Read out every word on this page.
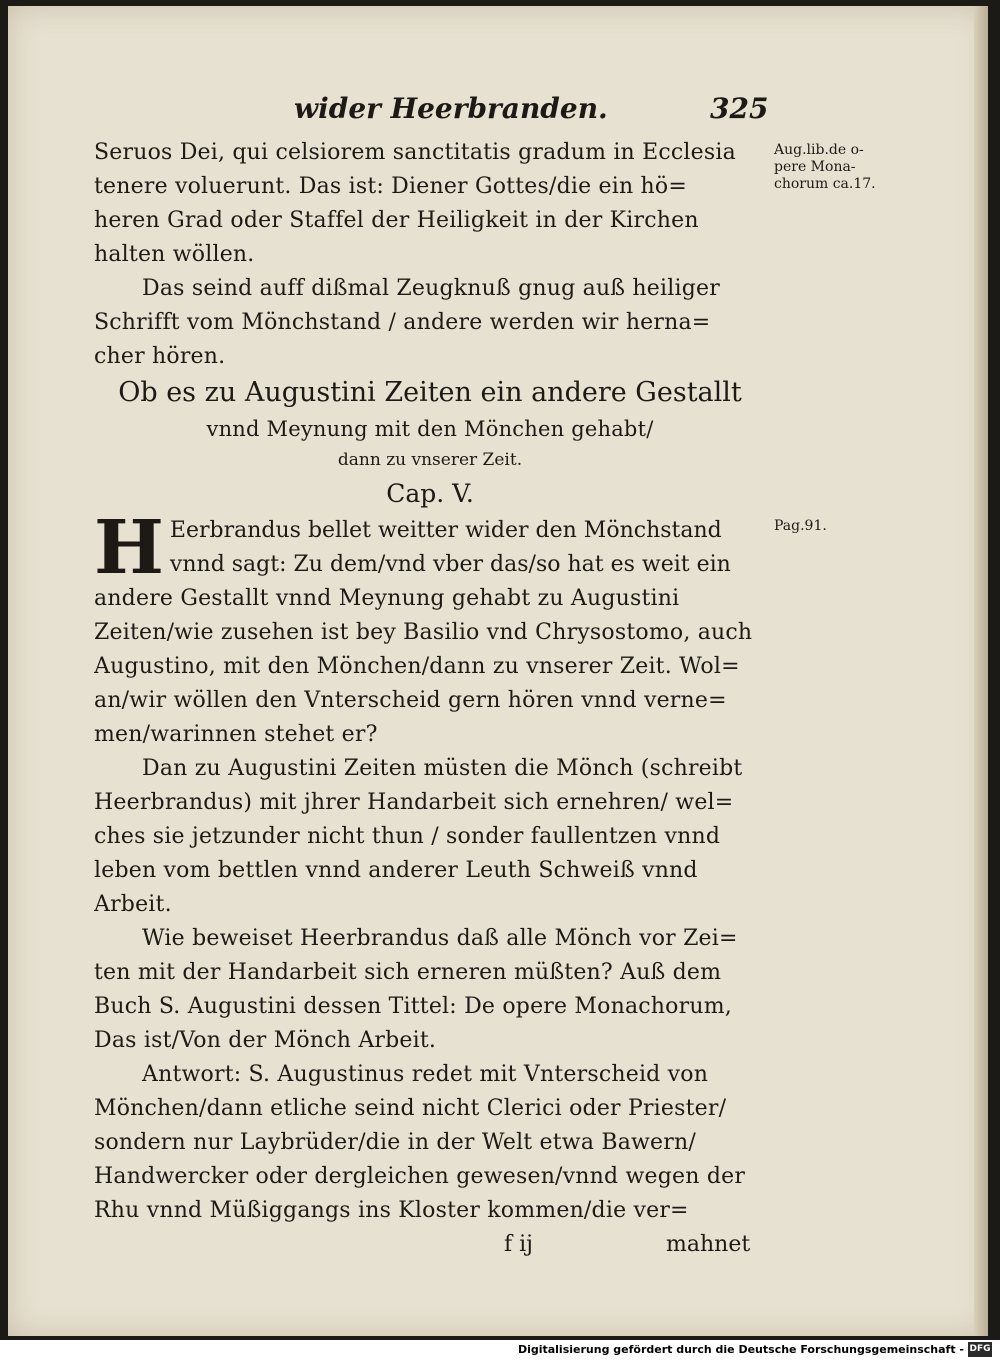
wider Heerbranden.	325
Seruos Dei, qui celsiorem sanctitatis gradum in Ecclesia
tenere voluerunt. Das ist: Diener Gottes/die ein hö=
heren Grad oder Staffel der Heiligkeit in der Kirchen
halten wöllen.
Das seind auff dißmal Zeugknuß gnug auß heiliger
Schrifft vom Mönchstand / andere werden wir herna=
cher hören.
Ob es zu Augustini Zeiten ein andere Gestallt
vnnd Meynung mit den Mönchen gehabt/
dann zu vnserer Zeit.
Cap. V.
H Eerbrandus bellet weitter wider den Mönchstand
vnnd sagt: Zu dem/vnd vber das/so hat es weit ein
andere Gestallt vnnd Meynung gehabt zu Augustini
Zeiten/wie zusehen ist bey Basilio vnd Chrysostomo, auch
Augustino, mit den Mönchen/dann zu vnserer Zeit. Wol=
an/wir wöllen den Vnterscheid gern hören vnnd verne=
men/warinnen stehet er?
Dan zu Augustini Zeiten müsten die Mönch (schreibt
Heerbrandus) mit jhrer Handarbeit sich ernehren/ wel=
ches sie jetzunder nicht thun / sonder faullentzen vnnd
leben vom bettlen vnnd anderer Leuth Schweiß vnnd
Arbeit.
Wie beweiset Heerbrandus daß alle Mönch vor Zei=
ten mit der Handarbeit sich erneren müßten? Auß dem
Buch S. Augustini dessen Tittel: De opere Monachorum,
Das ist/Von der Mönch Arbeit.
Antwort: S. Augustinus redet mit Vnterscheid von
Mönchen/dann etliche seind nicht Clerici oder Priester/
sondern nur Laybrüder/die in der Welt etwa Bawern/
Handwercker oder dergleichen gewesen/vnnd wegen der
Rhu vnnd Müßiggangs ins Kloster kommen/die ver=
f ij	mahnet
Aug.lib.de o-
pere Mona-
chorum ca.17.
Pag.91.
Digitalisierung gefördert durch die Deutsche Forschungsgemeinschaft - DFG
